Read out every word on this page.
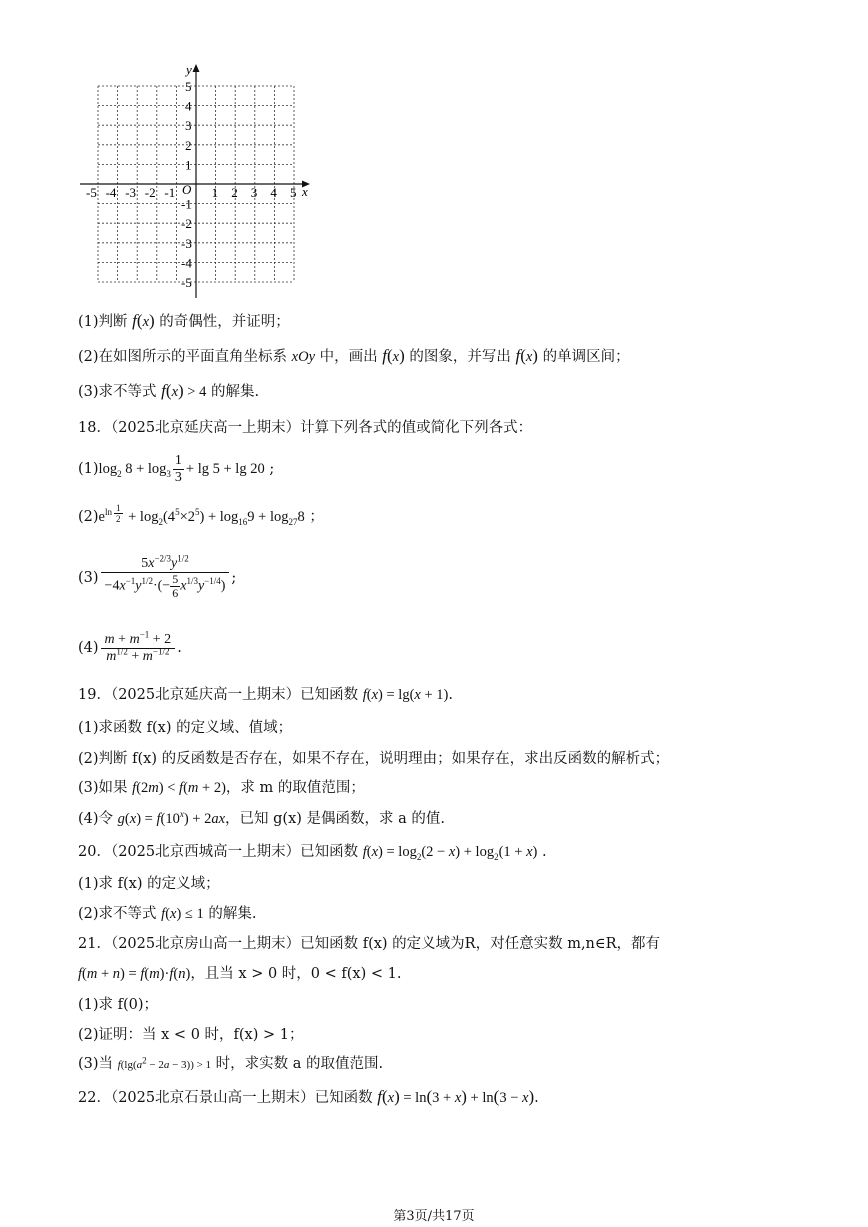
x
y
O
-5 -4 -3 -2 -1	1 2 3 4 5
5
4
3
2
1
-1
-2
-3
-4
-5
(1)判断 f(x) 的奇偶性，并证明；
(2)在如图所示的平面直角坐标系 xOy 中，画出 f(x) 的图象，并写出 f(x) 的单调区间；
(3)求不等式 f(x) > 4 的解集.
18．（2025北京延庆高一上期末）计算下列各式的值或简化下列各式：
$(1)\log_2$ $8 + \log_3 \frac{1}{3} + \lg 5 + \lg 20$ ;
$(2)e^{ln \frac{1}{2}} + \log_2(4^5\times 2^5) + \log_{16}9 + \log_{27}8$ ；
$(3) \frac{5x^{-2/3}y^{1/2}}{-4x^{-1}y^{1/2}\cdot(- \frac{5}{6} x^{1/3}y^{-1/4})}$ ;
$(4) \frac{m + m^{-1} + 2}{m^{1/2} + m^{-1/2}}$ .
19．（2025北京延庆高一上期末）已知函数 f(x) = lg(x + 1).
(1)求函数 f(x) 的定义域、值域；
(2)判断 f(x) 的反函数是否存在，如果不存在，说明理由；如果存在，求出反函数的解析式；
(3)如果 f(2m) < f(m + 2)，求 m 的取值范围；
(4)令 $g(x) = f(10^x) + 2ax$，已知 g(x) 是偶函数，求 a 的值.
20．（2025北京西城高一上期末）已知函数 $f(x) = \log_2(2 - x) + \log_2(1 + x)$ .
(1)求 f(x) 的定义域；
(2)求不等式 f(x) ≤ 1 的解集.
21．（2025北京房山高一上期末）已知函数 f(x) 的定义域为R，对任意实数 m,n∈R，都有
f(m + n) = f(m)·f(n)，且当 x > 0 时，0 < f(x) < 1.
(1)求 f(0)；
(2)证明：当 x < 0 时，f(x) > 1；
(3)当 $f(\lg(a^2 - 2a - 3)) > 1$ 时，求实数 a 的取值范围.
22．（2025北京石景山高一上期末）已知函数 f(x) = ln(3 + x) + ln(3 − x).
第3页/共17页
